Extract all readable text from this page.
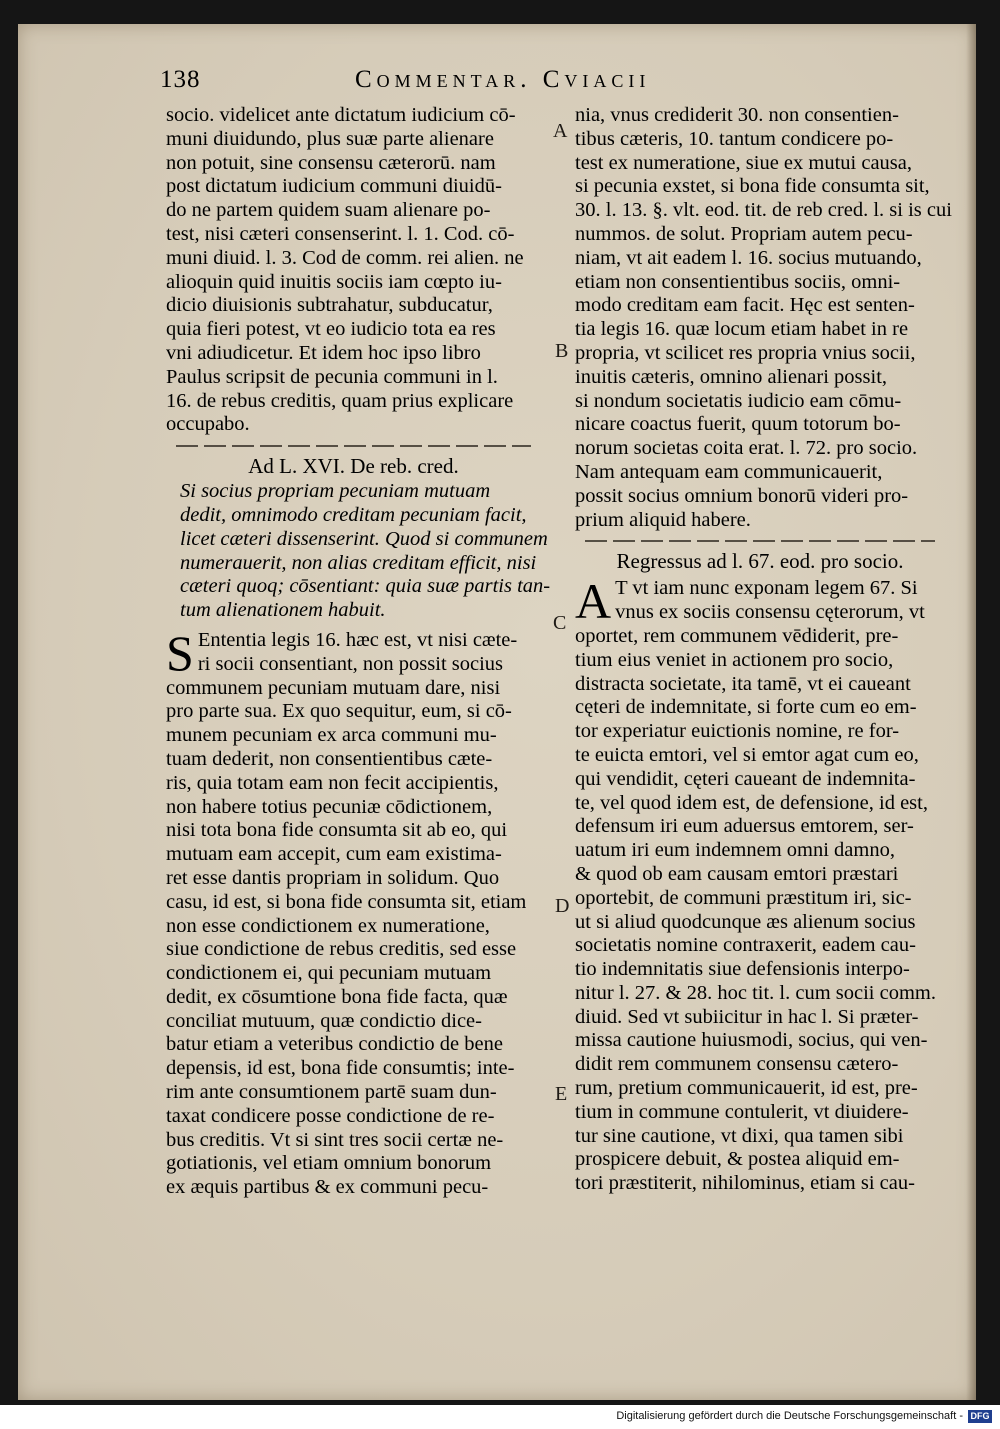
138	Commentar. Cviacii
socio. videlicet ante dictatum iudicium cō-
muni diuidundo, plus suæ parte alienare
non potuit, sine consensu cæterorū. nam
post dictatum iudicium communi diuidū-
do ne partem quidem suam alienare po-
test, nisi cæteri consenserint. l. 1. Cod. cō-
muni diuid. l. 3. Cod de comm. rei alien. ne
alioquin quid inuitis sociis iam cœpto iu-
dicio diuisionis subtrahatur, subducatur,
quia fieri potest, vt eo iudicio tota ea res
vni adiudicetur. Et idem hoc ipso libro
Paulus scripsit de pecunia communi in l.
16. de rebus creditis, quam prius explicare
occupabo.
Ad L. XVI. De reb. cred.
Si socius propriam pecuniam mutuam
dedit, omnimodo creditam pecuniam facit,
licet cæteri dissenserint. Quod si communem
numerauerit, non alias creditam efficit, nisi
cæteri quoq; cōsentiant: quia suæ partis tan-
tum alienationem habuit.
S Ententia legis 16. hæc est, vt nisi cæte-
ri socii consentiant, non possit socius
communem pecuniam mutuam dare, nisi
pro parte sua. Ex quo sequitur, eum, si cō-
munem pecuniam ex arca communi mu-
tuam dederit, non consentientibus cæte-
ris, quia totam eam non fecit accipientis,
non habere totius pecuniæ cōdictionem,
nisi tota bona fide consumta sit ab eo, qui
mutuam eam accepit, cum eam existima-
ret esse dantis propriam in solidum. Quo
casu, id est, si bona fide consumta sit, etiam
non esse condictionem ex numeratione,
siue condictione de rebus creditis, sed esse
condictionem ei, qui pecuniam mutuam
dedit, ex cōsumtione bona fide facta, quæ
conciliat mutuum, quæ condictio dice-
batur etiam a veteribus condictio de bene
depensis, id est, bona fide consumtis; inte-
rim ante consumtionem partē suam dun-
taxat condicere posse condictione de re-
bus creditis. Vt si sint tres socii certæ ne-
gotiationis, vel etiam omnium bonorum
ex æquis partibus & ex communi pecu-
A
B
C
D
E
nia, vnus crediderit 30. non consentien-
tibus cæteris, 10. tantum condicere po-
test ex numeratione, siue ex mutui causa,
si pecunia exstet, si bona fide consumta sit,
30. l. 13. §. vlt. eod. tit. de reb cred. l. si is cui
nummos. de solut. Propriam autem pecu-
niam, vt ait eadem l. 16. socius mutuando,
etiam non consentientibus sociis, omni-
modo creditam eam facit. Hęc est senten-
tia legis 16. quæ locum etiam habet in re
propria, vt scilicet res propria vnius socii,
inuitis cæteris, omnino alienari possit,
si nondum societatis iudicio eam cōmu-
nicare coactus fuerit, quum totorum bo-
norum societas coita erat. l. 72. pro socio.
Nam antequam eam communicauerit,
possit socius omnium bonorū videri pro-
prium aliquid habere.
Regressus ad l. 67. eod. pro socio.
A T vt iam nunc exponam legem 67. Si
vnus ex sociis consensu cęterorum, vt
oportet, rem communem vēdiderit, pre-
tium eius veniet in actionem pro socio,
distracta societate, ita tamē, vt ei caueant
cęteri de indemnitate, si forte cum eo em-
tor experiatur euictionis nomine, re for-
te euicta emtori, vel si emtor agat cum eo,
qui vendidit, cęteri caueant de indemnita-
te, vel quod idem est, de defensione, id est,
defensum iri eum aduersus emtorem, ser-
uatum iri eum indemnem omni damno,
& quod ob eam causam emtori præstari
oportebit, de communi præstitum iri, sic-
ut si aliud quodcunque æs alienum socius
societatis nomine contraxerit, eadem cau-
tio indemnitatis siue defensionis interpo-
nitur l. 27. & 28. hoc tit. l. cum socii comm.
diuid. Sed vt subiicitur in hac l. Si præter-
missa cautione huiusmodi, socius, qui ven-
didit rem communem consensu cætero-
rum, pretium communicauerit, id est, pre-
tium in commune contulerit, vt diuidere-
tur sine cautione, vt dixi, qua tamen sibi
prospicere debuit, & postea aliquid em-
tori præstiterit, nihilominus, etiam si cau-
Digitalisierung gefördert durch die Deutsche Forschungsgemeinschaft - DFG
